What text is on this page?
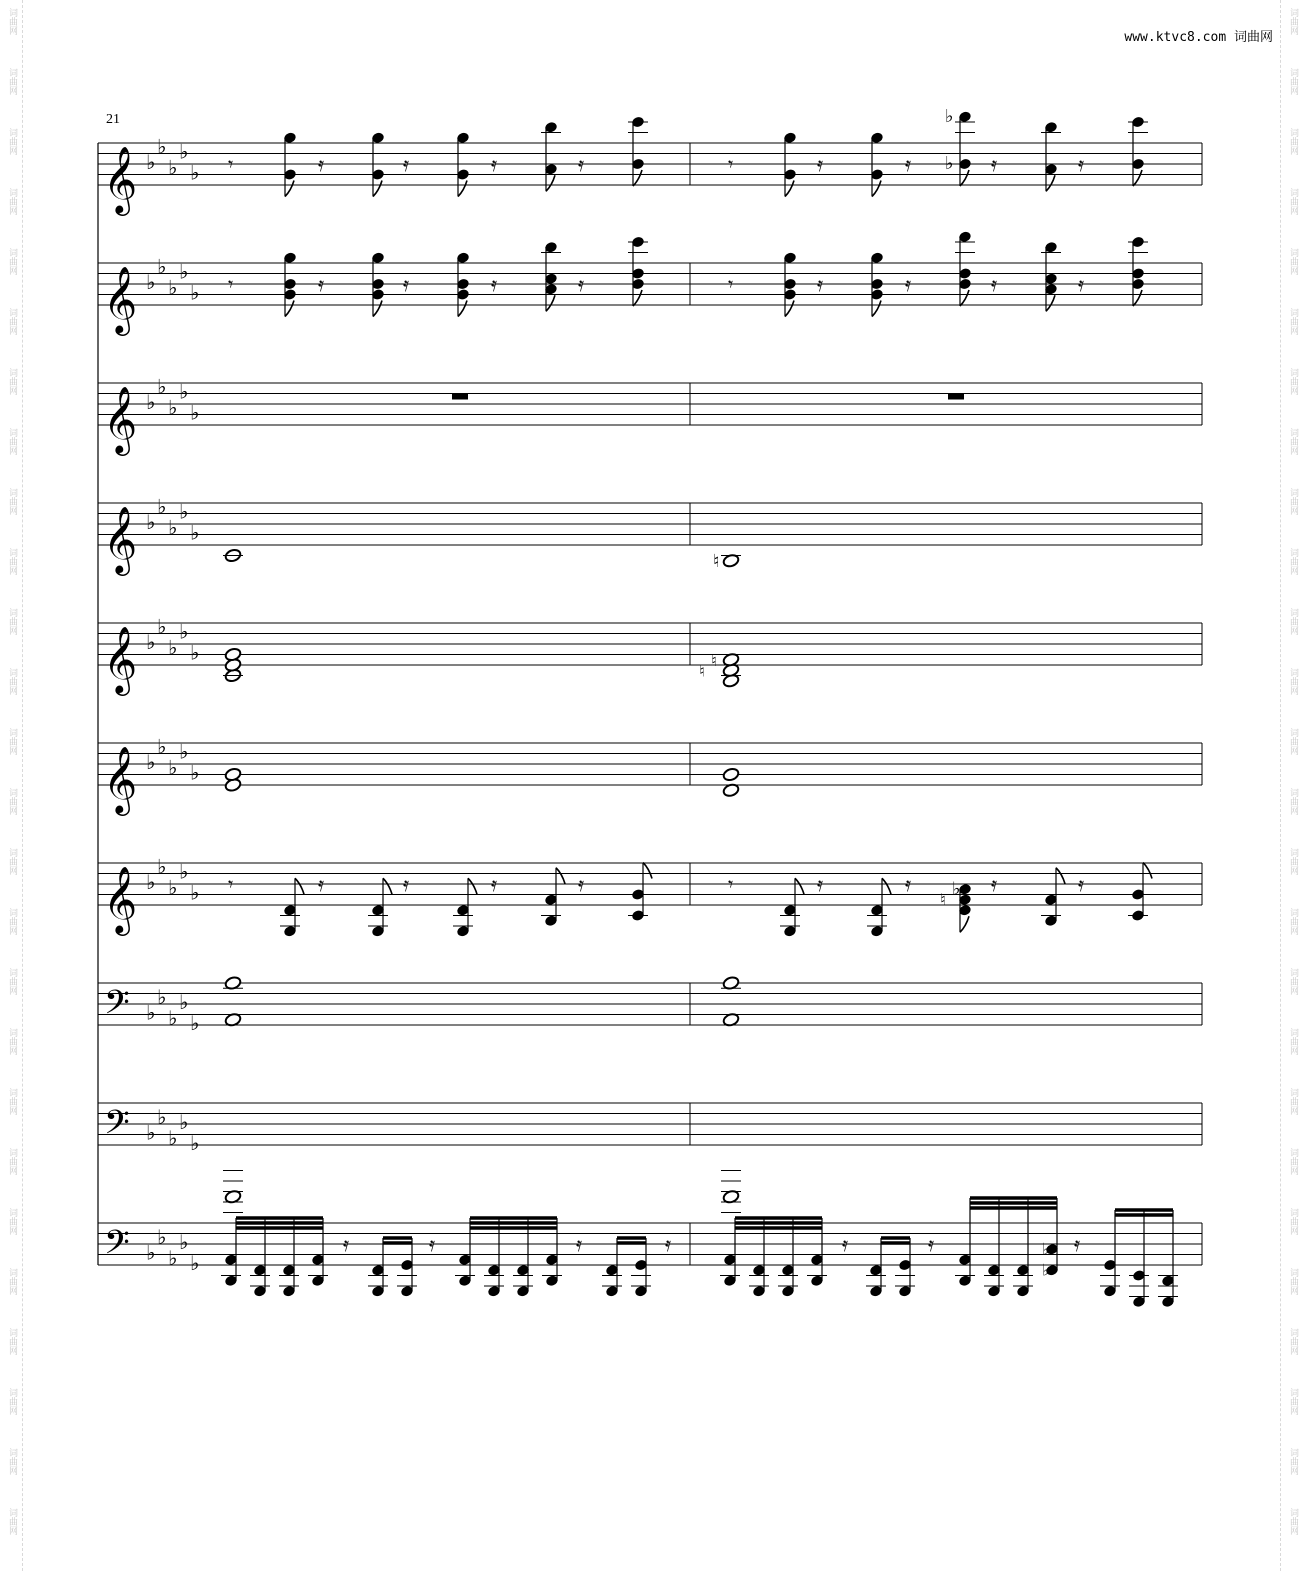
词曲网
词曲网
词曲网
词曲网
词曲网
词曲网
词曲网
词曲网
词曲网
词曲网
词曲网
词曲网
词曲网
词曲网
词曲网
词曲网
词曲网
词曲网
词曲网
词曲网
词曲网
词曲网
词曲网
词曲网
词曲网
词曲网
词曲网
词曲网
词曲网
词曲网
词曲网
词曲网
词曲网
词曲网
词曲网
词曲网
词曲网
词曲网
词曲网
词曲网
词曲网
词曲网
词曲网
词曲网
词曲网
词曲网
词曲网
词曲网
词曲网
词曲网
词曲网
词曲网
www.ktvc8.com 词曲网
21
𝄞 ♭
♭
♭
♭
♭
𝄞 ♭
♭
♭
♭
♭
𝄞 ♭
♭
♭
♭
♭
𝄞 ♭
♭
♭
♭
♭
𝄞 ♭
♭
♭
♭
♭
𝄞 ♭
♭
♭
♭
♭
𝄞 ♭
♭
♭
♭
♭
𝄢 ♭
♭
♭
♭
♭
𝄢 ♭
♭
♭
♭
♭
𝄢 ♭
♭
♭
♭
♭
𝄾	𝄿	𝄿	𝄿	𝄿	𝄾	𝄿	𝄿	𝄿	𝄿
♭
♭
𝄾	𝄿	𝄿	𝄿	𝄿	𝄾	𝄿	𝄿	𝄿	𝄿
♮
♮
♮
𝄾	𝄿	𝄿	𝄿	𝄿	𝄾	𝄿	𝄿	𝄿	𝄿
♭
♮
𝄿	𝄿	𝄿	𝄿	𝄿	𝄿	♭
♭
𝄿
